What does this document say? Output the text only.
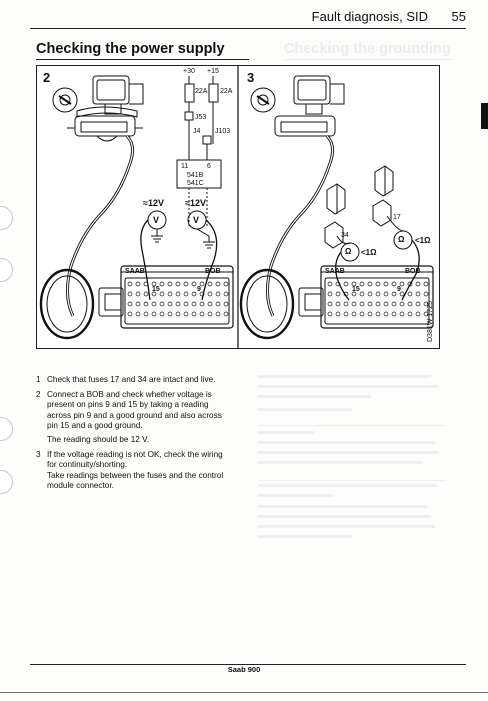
Fault diagnosis, SID 55
Checking the power supply	Checking the grounding
2	3
+30 +15
22A 22A
J53
J4 J103
11	6
541B
541C
≈12V ≈12V
V	V
SAAB	BOB
15	9
SAAB	BOB
15	9
Ω
Ω
<1Ω
<1Ω
34
17
D381W 1725
1 Check that fuses 17 and 34 are intact and live.

2 Connect a BOB and check whether voltage is present on pins 9 and 15 by taking a reading across pin 9 and a good ground and also across pin 15 and a good ground.

The reading should be 12 V.

3 If the voltage reading is not OK, check the wiring for continuity/shorting.

Take readings between the fuses and the control module connector.

Saab 900
